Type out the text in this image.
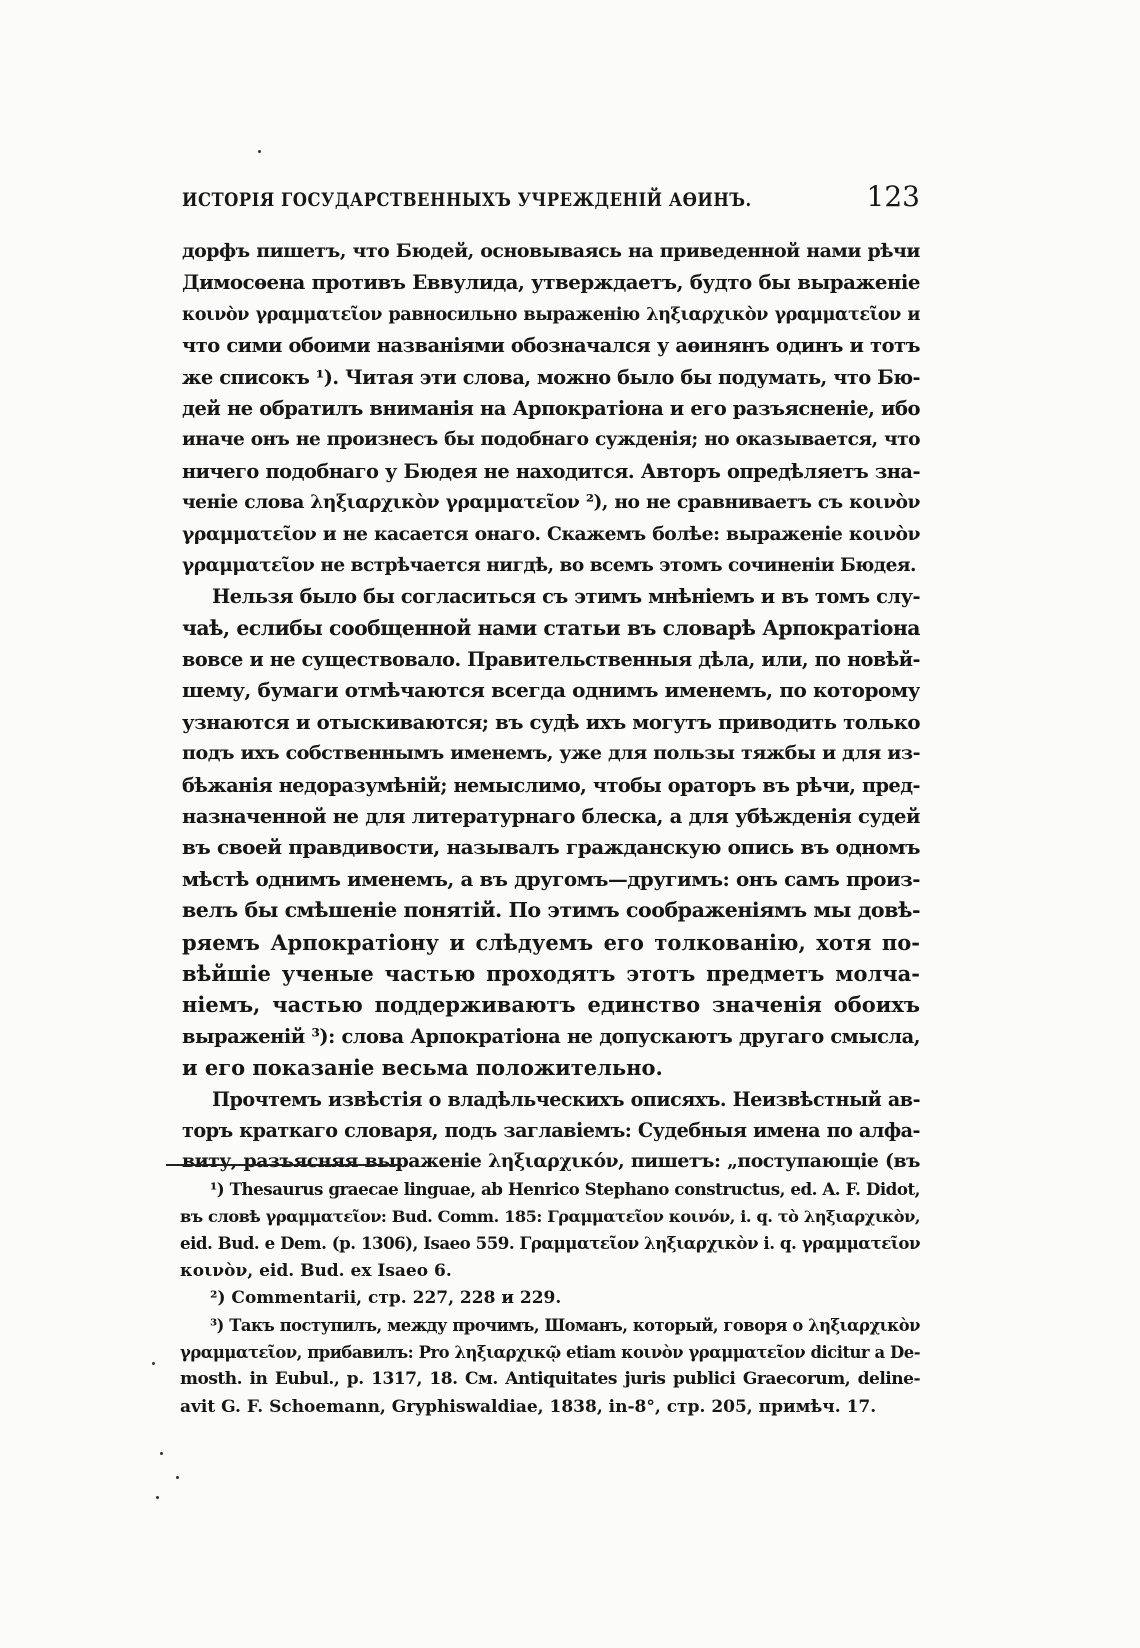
ИСТОРІЯ ГОСУДАРСТВЕННЫХЪ УЧРЕЖДЕНІЙ АѲИНЪ.	123
дорфъ пишетъ, что Бюдей, основываясь на приведенной нами рѣчи
Димосѳена противъ Еввулида, утверждаетъ, будто бы выраженіе
κοινὸν γραμματεῖον равносильно выраженію ληξιαρχικὸν γραμματεῖον и
что сими обоими названіями обозначался у аѳинянъ одинъ и тотъ
же списокъ ¹). Читая эти слова, можно было бы подумать, что Бю-
дей не обратилъ вниманія на Арпократіона и его разъясненіе, ибо
иначе онъ не произнесъ бы подобнаго сужденія; но оказывается, что
ничего подобнаго у Бюдея не находится. Авторъ опредѣляетъ зна-
ченіе слова ληξιαρχικὸν γραμματεῖον ²), но не сравниваетъ съ κοινὸν
γραμματεῖον и не касается онаго. Скажемъ болѣе: выраженіе κοινὸν
γραμματεῖον не встрѣчается нигдѣ, во всемъ этомъ сочиненіи Бюдея.
Нельзя было бы согласиться съ этимъ мнѣніемъ и въ томъ слу-
чаѣ, еслибы сообщенной нами статьи въ словарѣ Арпократіона
вовсе и не существовало. Правительственныя дѣла, или, по новѣй-
шему, бумаги отмѣчаются всегда однимъ именемъ, по которому
узнаются и отыскиваются; въ судѣ ихъ могутъ приводить только
подъ ихъ собственнымъ именемъ, уже для пользы тяжбы и для из-
бѣжанія недоразумѣній; немыслимо, чтобы ораторъ въ рѣчи, пред-
назначенной не для литературнаго блеска, а для убѣжденія судей
въ своей правдивости, называлъ гражданскую опись въ одномъ
мѣстѣ однимъ именемъ, а въ другомъ—другимъ: онъ самъ произ-
велъ бы смѣшеніе понятій. По этимъ соображеніямъ мы довѣ-
ряемъ Арпократіону и слѣдуемъ его толкованію, хотя по-
вѣйшіе ученые частью проходятъ этотъ предметъ молча-
ніемъ, частью поддерживаютъ единство значенія обоихъ
выраженій ³): слова Арпократіона не допускаютъ другаго смысла,
и его показаніе весьма положительно.
Прочтемъ извѣстія о владѣльческихъ описяхъ. Неизвѣстный ав-
торъ краткаго словаря, подъ заглавіемъ: Судебныя имена по алфа-
виту, разъясняя выраженіе ληξιαρχικόν, пишетъ: „поступающіе (въ
¹) Thesaurus graecae linguae, ab Henrico Stephano constructus, ed. A. F. Didot,
въ словѣ γραμματεῖον: Bud. Comm. 185: Γραμματεῖον κοινόν, i. q. τὸ ληξιαρχικὸν,
eid. Bud. e Dem. (p. 1306), Isaeo 559. Γραμματεῖον ληξιαρχικὸν i. q. γραμματεῖον
κοινὸν, eid. Bud. ex Isaeo 6.
²) Commentarii, стр. 227, 228 и 229.
³) Такъ поступилъ, между прочимъ, Шоманъ, который, говоря о ληξιαρχικὸν
γραμματεῖον, прибавилъ: Pro ληξιαρχικῷ etiam κοινὸν γραμματεῖον dicitur a De-
mosth. in Eubul., p. 1317, 18. См. Antiquitates juris publici Graecorum, deline-
avit G. F. Schoemann, Gryphiswaldiae, 1838, in-8°, стр. 205, примѣч. 17.
